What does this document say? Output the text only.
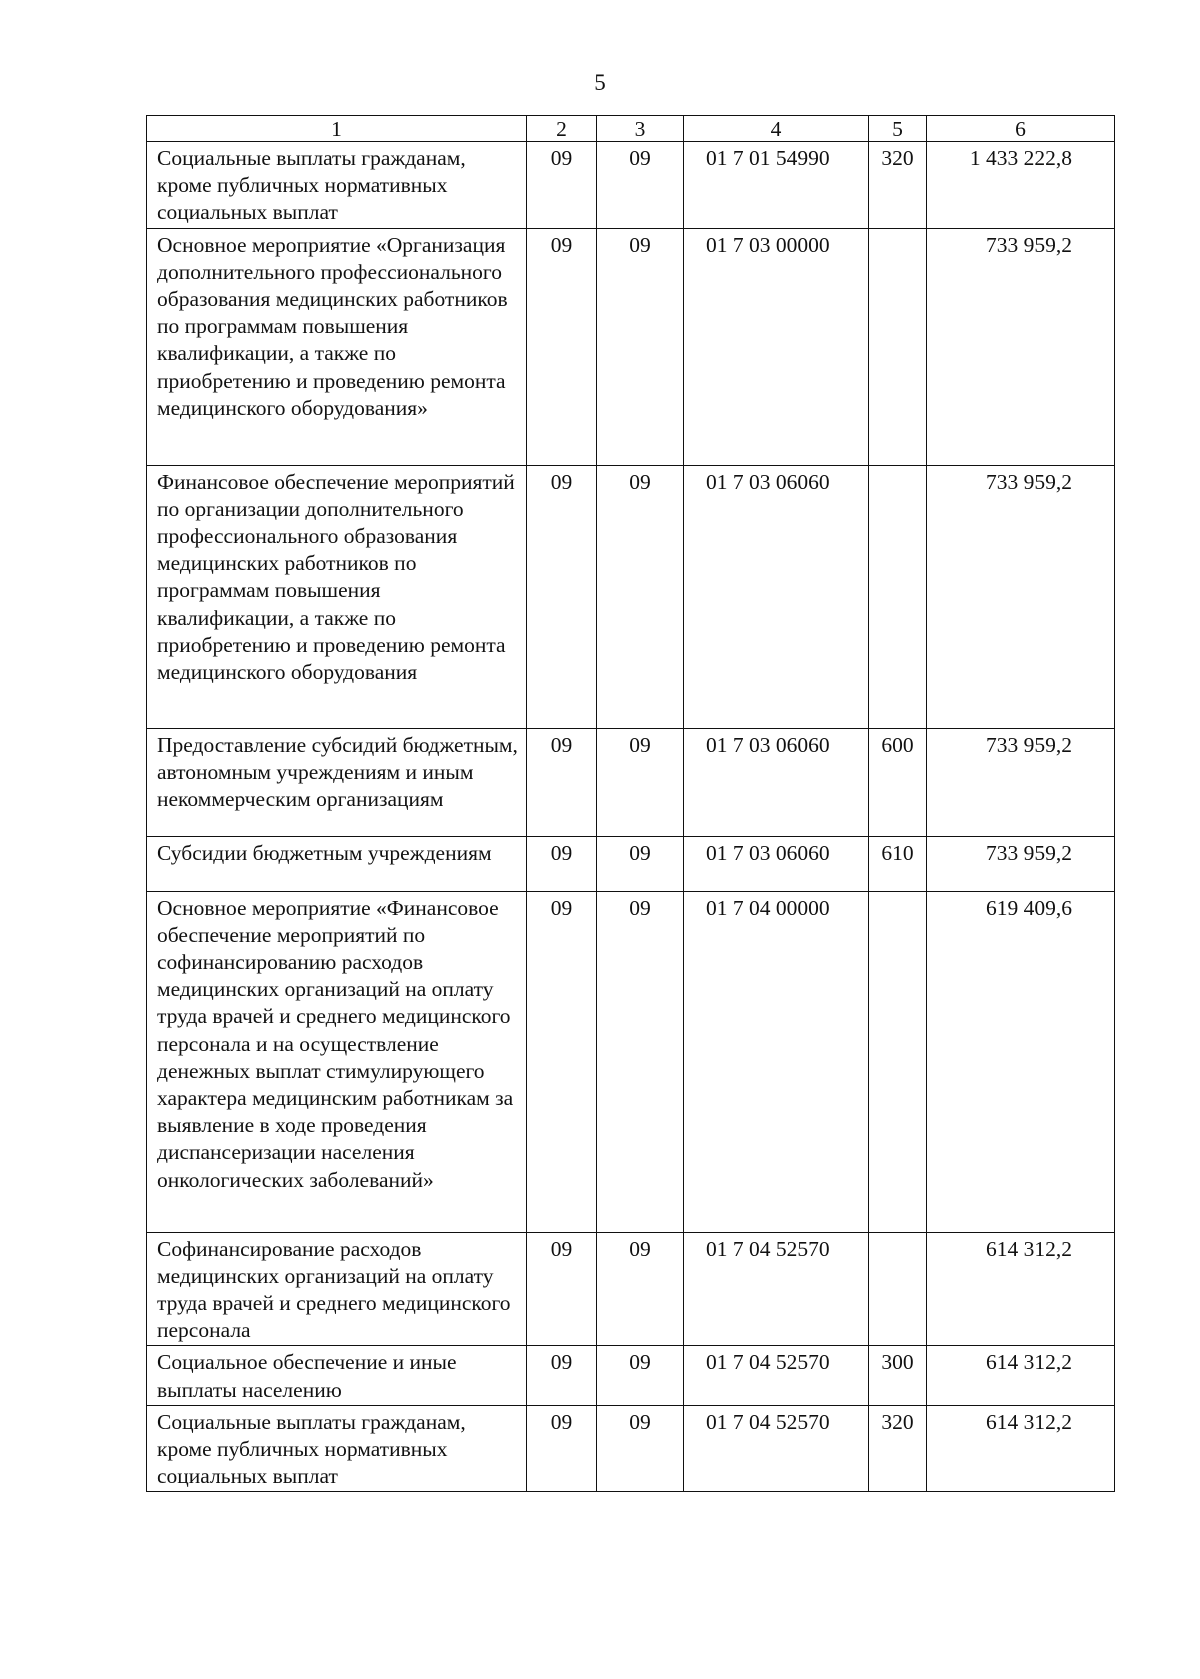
5
1	2	3	4	5	6
Социальные выплаты гражданам, кроме публичных нормативных социальных выплат	09	09	01 7 01 54990	320	1 433 222,8
Основное мероприятие «Организация дополнительного профессионального образования медицинских работников по программам повышения квалификации, а также по приобретению и проведению ремонта медицинского оборудования»	09	09	01 7 03 00000		733 959,2
Финансовое обеспечение мероприятий по организации дополнительного профессионального образования медицинских работников по программам повышения квалификации, а также по приобретению и проведению ремонта медицинского оборудования	09	09	01 7 03 06060		733 959,2
Предоставление субсидий бюджетным, автономным учреждениям и иным некоммерческим организациям	09	09	01 7 03 06060	600	733 959,2
Субсидии бюджетным учреждениям	09	09	01 7 03 06060	610	733 959,2
Основное мероприятие «Финансовое обеспечение мероприятий по софинансированию расходов медицинских организаций на оплату труда врачей и среднего медицинского персонала и на осуществление денежных выплат стимулирующего характера медицинским работникам за выявление в ходе проведения диспансеризации населения онкологических заболеваний»	09	09	01 7 04 00000		619 409,6
Софинансирование расходов медицинских организаций на оплату труда врачей и среднего медицинского персонала	09	09	01 7 04 52570		614 312,2
Социальное обеспечение и иные выплаты населению	09	09	01 7 04 52570	300	614 312,2
Социальные выплаты гражданам, кроме публичных нормативных социальных выплат	09	09	01 7 04 52570	320	614 312,2
